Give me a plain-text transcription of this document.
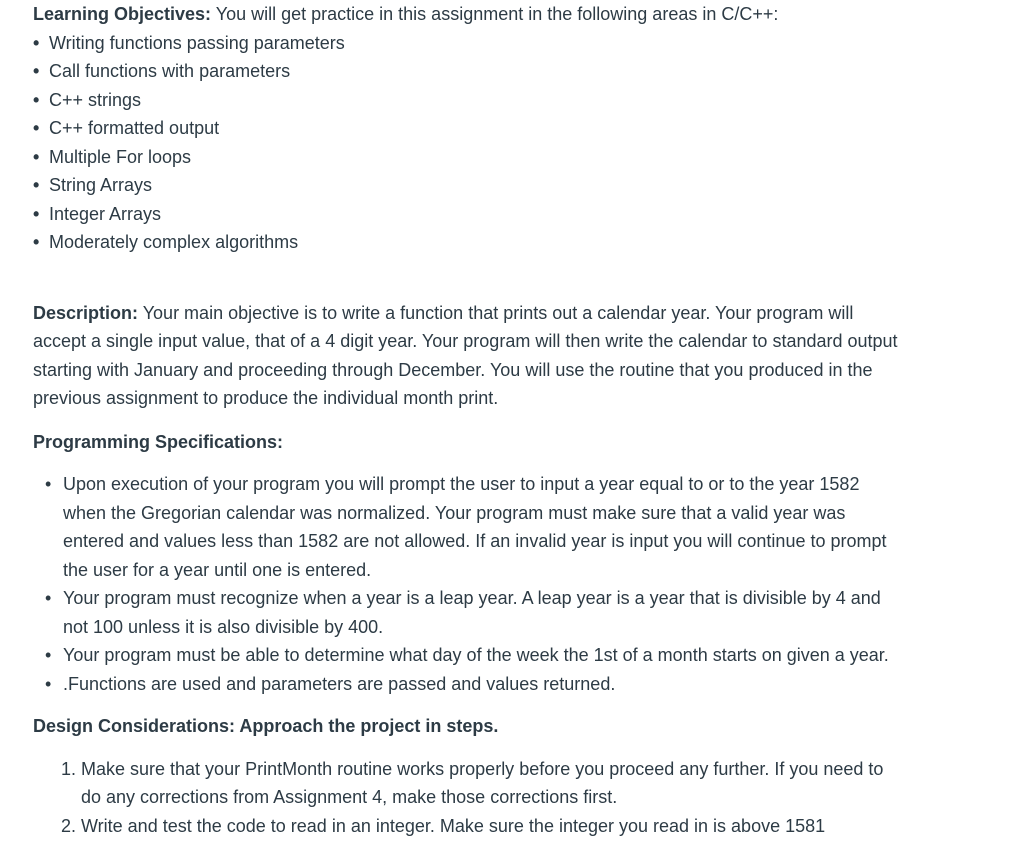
Learning Objectives: You will get practice in this assignment in the following areas in C/C++:
• Writing functions passing parameters
• Call functions with parameters
• C++ strings
• C++ formatted output
• Multiple For loops
• String Arrays
• Integer Arrays
• Moderately complex algorithms

Description: Your main objective is to write a function that prints out a calendar year. Your program will accept a single input value, that of a 4 digit year. Your program will then write the calendar to standard output starting with January and proceeding through December. You will use the routine that you produced in the previous assignment to produce the individual month print.

Programming Specifications:
• Upon execution of your program you will prompt the user to input a year equal to or to the year 1582 when the Gregorian calendar was normalized. Your program must make sure that a valid year was entered and values less than 1582 are not allowed. If an invalid year is input you will continue to prompt the user for a year until one is entered.
• Your program must recognize when a year is a leap year. A leap year is a year that is divisible by 4 and not 100 unless it is also divisible by 400.
• Your program must be able to determine what day of the week the 1st of a month starts on given a year.
• .Functions are used and parameters are passed and values returned.
Design Considerations: Approach the project in steps.
1. Make sure that your PrintMonth routine works properly before you proceed any further. If you need to do any corrections from Assignment 4, make those corrections first.
2. Write and test the code to read in an integer. Make sure the integer you read in is above 1581
